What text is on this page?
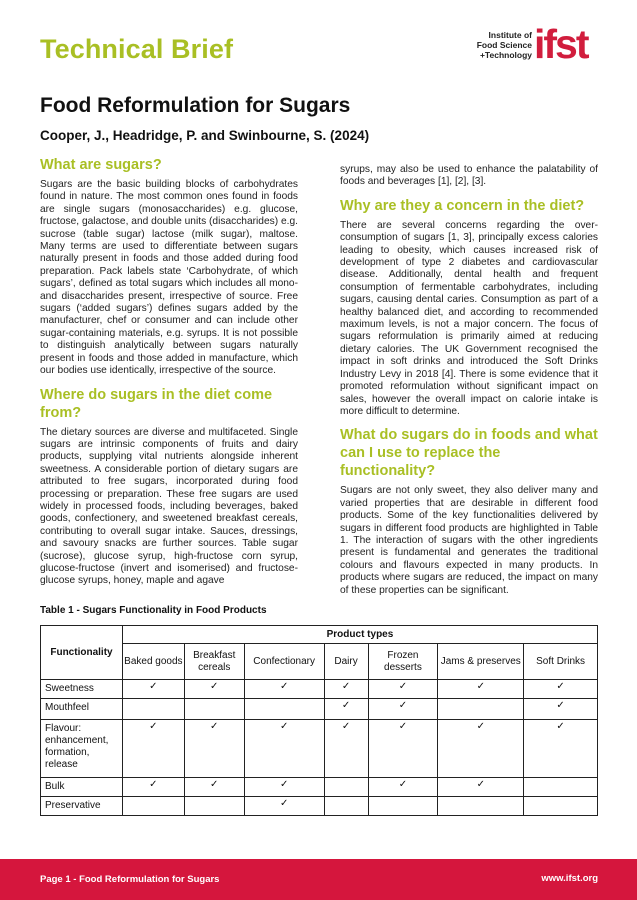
Technical Brief	Institute of
Food Science
+Technology ifst
Food Reformulation for Sugars
Cooper, J., Headridge, P. and Swinbourne, S. (2024)
What are sugars?

Sugars are the basic building blocks of carbohydrates found in nature. The most common ones found in foods are single sugars (monosaccharides) e.g. glucose, fructose, galactose, and double units (disaccharides) e.g. sucrose (table sugar) lactose (milk sugar), maltose. Many terms are used to differentiate between sugars naturally present in foods and those added during food preparation. Pack labels state ‘Carbohydrate, of which sugars’, defined as total sugars which includes all mono- and disaccharides present, irrespective of source. Free sugars (‘added sugars’) defines sugars added by the manufacturer, chef or consumer and can include other sugar-containing materials, e.g. syrups. It is not possible to distinguish analytically between sugars naturally present in foods and those added in manufacture, which our bodies use identically, irrespective of the source.

Where do sugars in the diet come from?

The dietary sources are diverse and multifaceted. Single sugars are intrinsic components of fruits and dairy products, supplying vital nutrients alongside inherent sweetness. A considerable portion of dietary sugars are attributed to free sugars, incorporated during food processing or preparation. These free sugars are used widely in processed foods, including beverages, baked goods, confectionery, and sweetened breakfast cereals, contributing to overall sugar intake. Sauces, dressings, and savoury snacks are further sources. Table sugar (sucrose), glucose syrup, high-fructose corn syrup, glucose-fructose (invert and isomerised) and fructose-glucose syrups, honey, maple and agave

syrups, may also be used to enhance the palatability of foods and beverages [1], [2], [3].

Why are they a concern in the diet?

There are several concerns regarding the over-consumption of sugars [1, 3], principally excess calories leading to obesity, which causes increased risk of development of type 2 diabetes and cardiovascular disease. Additionally, dental health and frequent consumption of fermentable carbohydrates, including sugars, causing dental caries. Consumption as part of a healthy balanced diet, and according to recommended maximum levels, is not a major concern. The focus of sugars reformulation is primarily aimed at reducing dietary calories. The UK Government recognised the impact in soft drinks and introduced the Soft Drinks Industry Levy in 2018 [4]. There is some evidence that it promoted reformulation without significant impact on sales, however the overall impact on calorie intake is more difficult to determine.

What do sugars do in foods and what can I use to replace the functionality?

Sugars are not only sweet, they also deliver many and varied properties that are desirable in different food products. Some of the key functionalities delivered by sugars in different food products are highlighted in Table 1. The interaction of sugars with the other ingredients present is fundamental and generates the traditional colours and flavours expected in many products. In products where sugars are reduced, the impact on many of these properties can be significant.

Table 1 - Sugars Functionality in Food Products
Functionality	Product types						
	Baked goods	Breakfast cereals	Confectionary	Dairy	Frozen desserts	Jams & preserves	Soft Drinks
Sweetness	✓	✓	✓	✓	✓	✓	✓
Mouthfeel				✓	✓		✓
Flavour: enhancement, formation, release	✓	✓	✓	✓	✓	✓	✓
Bulk	✓	✓	✓		✓	✓	
Preservative			✓				
Page 1 - Food Reformulation for Sugars	www.ifst.org
